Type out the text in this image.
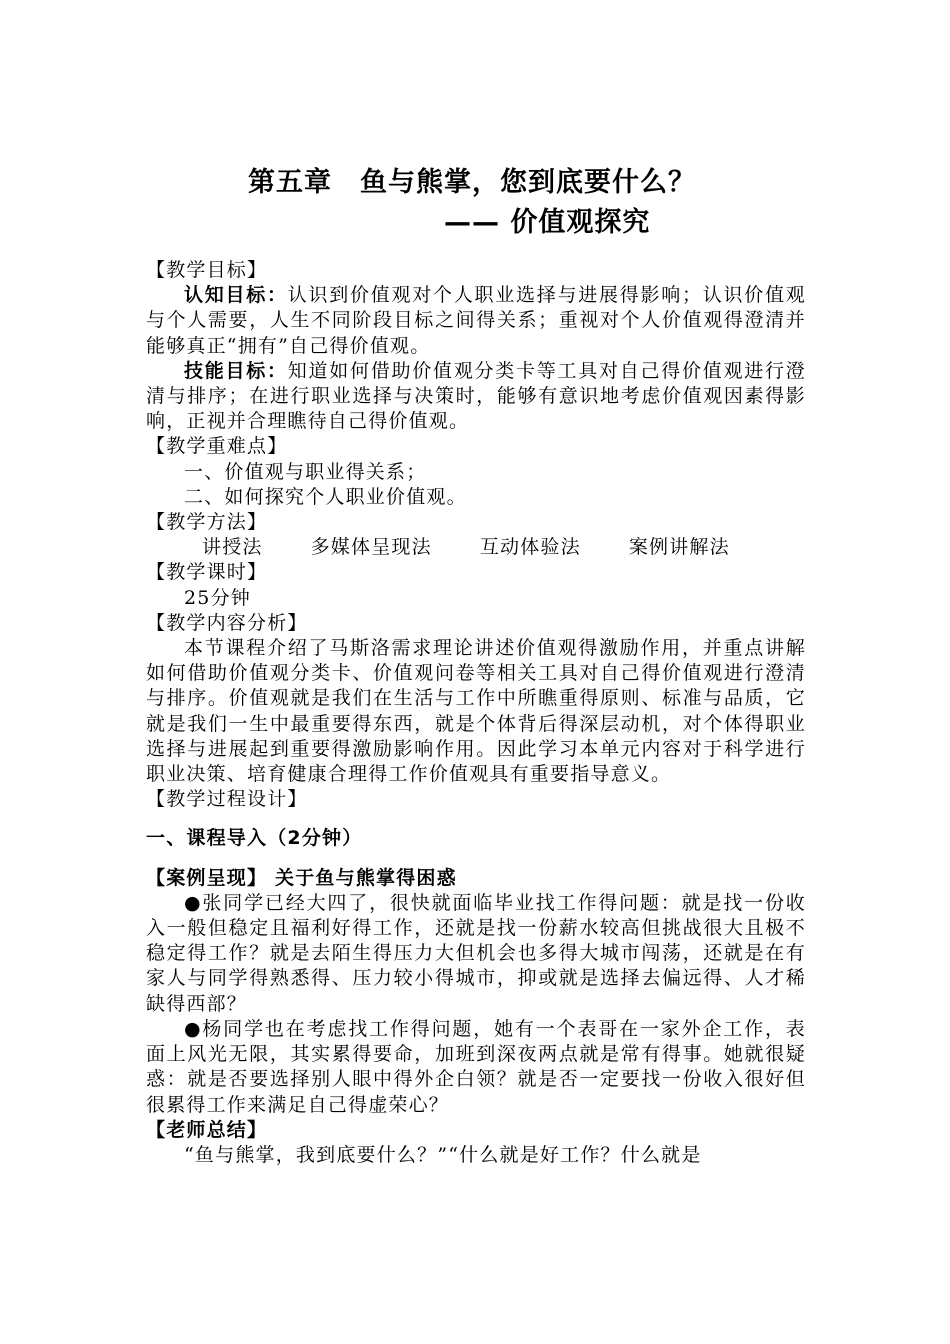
第五章　鱼与熊掌，您到底要什么？
—— 价值观探究

【教学目标】

认知目标：认识到价值观对个人职业选择与进展得影响；认识价值观与个人需要，人生不同阶段目标之间得关系；重视对个人价值观得澄清并能够真正“拥有”自己得价值观。

技能目标：知道如何借助价值观分类卡等工具对自己得价值观进行澄清与排序；在进行职业选择与决策时，能够有意识地考虑价值观因素得影响，正视并合理瞧待自己得价值观。

【教学重难点】

一、价值观与职业得关系；

二、如何探究个人职业价值观。

【教学方法】

讲授法	多媒体呈现法	互动体验法	案例讲解法

【教学课时】

25分钟

【教学内容分析】

本节课程介绍了马斯洛需求理论讲述价值观得激励作用，并重点讲解如何借助价值观分类卡、价值观问卷等相关工具对自己得价值观进行澄清与排序。价值观就是我们在生活与工作中所瞧重得原则、标准与品质，它就是我们一生中最重要得东西，就是个体背后得深层动机，对个体得职业选择与进展起到重要得激励影响作用。因此学习本单元内容对于科学进行职业决策、培育健康合理得工作价值观具有重要指导意义。

【教学过程设计】

一、课程导入（2分钟）

【案例呈现】 关于鱼与熊掌得困惑

●张同学已经大四了，很快就面临毕业找工作得问题：就是找一份收入一般但稳定且福利好得工作，还就是找一份薪水较高但挑战很大且极不稳定得工作？就是去陌生得压力大但机会也多得大城市闯荡，还就是在有家人与同学得熟悉得、压力较小得城市，抑或就是选择去偏远得、人才稀缺得西部？

●杨同学也在考虑找工作得问题，她有一个表哥在一家外企工作，表面上风光无限，其实累得要命，加班到深夜两点就是常有得事。她就很疑惑：就是否要选择别人眼中得外企白领？就是否一定要找一份收入很好但很累得工作来满足自己得虚荣心？

【老师总结】

“鱼与熊掌，我到底要什么？”“什么就是好工作？什么就是
